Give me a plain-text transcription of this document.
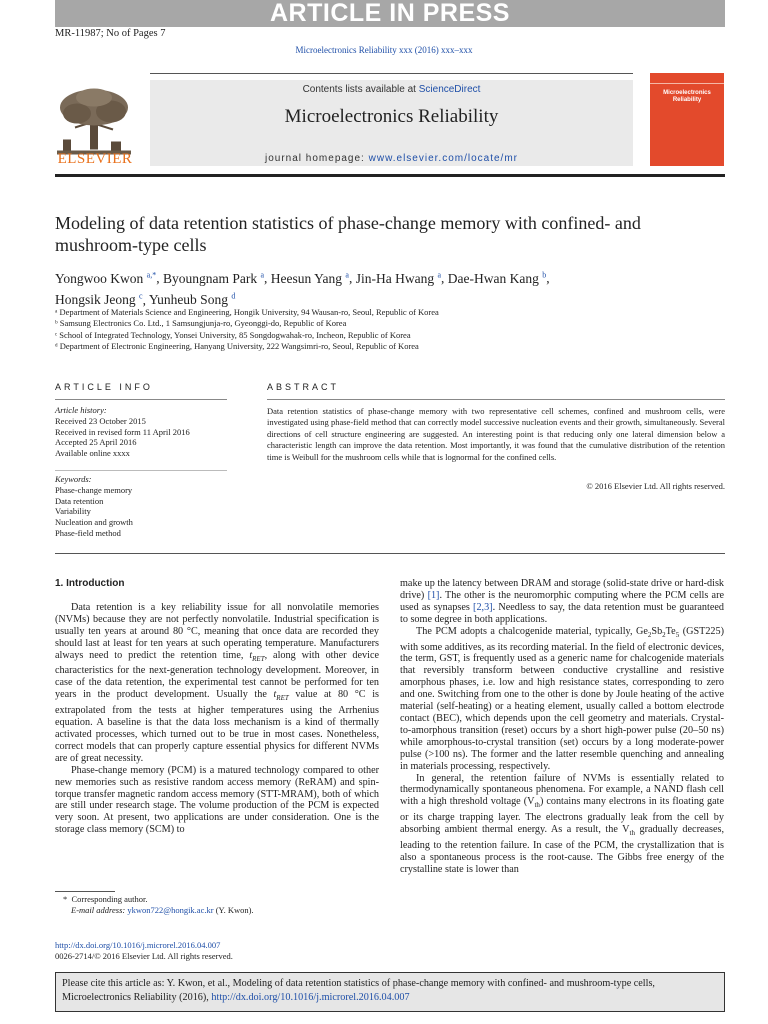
ARTICLE IN PRESS
MR-11987; No of Pages 7
Microelectronics Reliability xxx (2016) xxx–xxx
ELSEVIER
Contents lists available at ScienceDirect
Microelectronics Reliability
journal homepage: www.elsevier.com/locate/mr
Microelectronics Reliability
Modeling of data retention statistics of phase-change memory with confined- and mushroom-type cells
Yongwoo Kwon $^{a,*}$, Byoungnam Park $^a$, Heesun Yang $^a$, Jin-Ha Hwang $^a$, Dae-Hwan Kang $^b$,
Hongsik Jeong $^c$, Yunheub Song $^d$
ᵃ Department of Materials Science and Engineering, Hongik University, 94 Wausan-ro, Seoul, Republic of Korea
ᵇ Samsung Electronics Co. Ltd., 1 Samsungjunja-ro, Gyeonggi-do, Republic of Korea
ᶜ School of Integrated Technology, Yonsei University, 85 Songdogwahak-ro, Incheon, Republic of Korea
ᵈ Department of Electronic Engineering, Hanyang University, 222 Wangsimri-ro, Seoul, Republic of Korea
ARTICLE INFO
Article history:
Received 23 October 2015
Received in revised form 11 April 2016
Accepted 25 April 2016
Available online xxxx
Keywords:
Phase-change memory
Data retention
Variability
Nucleation and growth
Phase-field method
ABSTRACT
Data retention statistics of phase-change memory with two representative cell schemes, confined and mushroom cells, were investigated using phase-field method that can correctly model successive nucleation events and their growth, simultaneously. Several directions of cell structure engineering are suggested. An interesting point is that reducing only one lateral dimension below a characteristic length can improve the data retention. Most importantly, it was found that the cumulative distribution of the retention time is Weibull for the mushroom cells while that is lognormal for the confined cells.
© 2016 Elsevier Ltd. All rights reserved.

1. Introduction

Data retention is a key reliability issue for all nonvolatile memories (NVMs) because they are not perfectly nonvolatile. Industrial specification is usually ten years at around 80 °C, meaning that once data are recorded they should last at least for ten years at such operating temperature. Manufacturers always need to predict the retention time, $t_{RET}$, along with other device characteristics for the next-generation technology development. Moreover, in case of the data retention, the experimental test cannot be performed for ten years in the product development. Usually the $t_{RET}$ value at 80 °C is extrapolated from the tests at higher temperatures using the Arrhenius equation. A baseline is that the data loss mechanism is a kind of thermally activated processes, which turned out to be true in most cases. Nonetheless, correct models that can properly capture essential physics for different NVMs are of great necessity.

Phase-change memory (PCM) is a matured technology compared to other new memories such as resistive random access memory (ReRAM) and spin-torque transfer magnetic random access memory (STT-MRAM), both of which are still under research stage. The volume production of the PCM is expected very soon. At present, two applications are under consideration. One is the storage class memory (SCM) to

make up the latency between DRAM and storage (solid-state drive or hard-disk drive) [1]. The other is the neuromorphic computing where the PCM cells are used as synapses [2,3]. Needless to say, the data retention must be guaranteed to some degree in both applications.

The PCM adopts a chalcogenide material, typically, $Ge_2Sb_2Te_5$ (GST225) with some additives, as its recording material. In the field of electronic devices, the term, GST, is frequently used as a generic name for chalcogenide materials that reversibly transform between conductive crystalline and resistive amorphous phases, i.e. low and high resistance states, corresponding to zero and one. Switching from one to the other is done by Joule heating of the active material (self-heating) or a heating element, usually called a bottom electrode contact (BEC), which depends upon the cell geometry and materials. Crystal-to-amorphous transition (reset) occurs by a short high-power pulse (20–50 ns) while amorphous-to-crystal transition (set) occurs by a long moderate-power pulse (>100 ns). The former and the latter resemble quenching and annealing in materials processing, respectively.

In general, the retention failure of NVMs is essentially related to thermodynamically spontaneous phenomena. For example, a NAND flash cell with a high threshold voltage $(V_{th})$ contains many electrons in its floating gate or its charge trapping layer. The electrons gradually leak from the cell by absorbing ambient thermal energy. As a result, the $V_{th}$ gradually decreases, leading to the retention failure. In case of the PCM, the crystallization that is also a spontaneous process is the root-cause. The Gibbs free energy of the crystalline state is lower than

* Corresponding author.
E-mail address: ykwon722@hongik.ac.kr (Y. Kwon).
http://dx.doi.org/10.1016/j.microrel.2016.04.007
0026-2714/© 2016 Elsevier Ltd. All rights reserved.
Please cite this article as: Y. Kwon, et al., Modeling of data retention statistics of phase-change memory with confined- and mushroom-type cells, Microelectronics Reliability (2016), http://dx.doi.org/10.1016/j.microrel.2016.04.007
